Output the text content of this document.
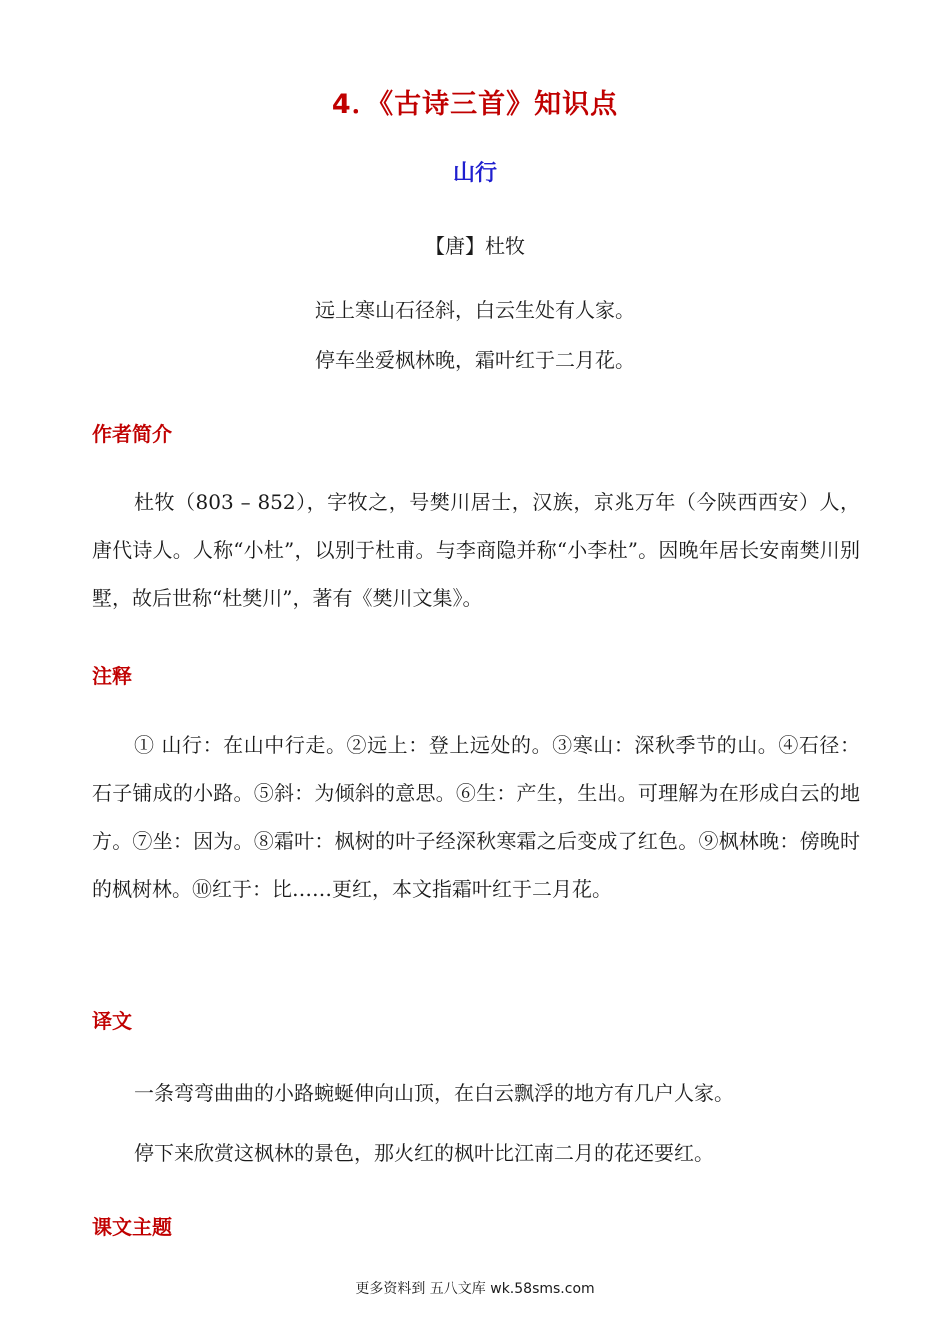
4．《古诗三首》知识点
山行
【唐】杜牧
远上寒山石径斜，白云生处有人家。
停车坐爱枫林晚，霜叶红于二月花。
作者简介
杜牧（803 – 852），字牧之，号樊川居士，汉族，京兆万年（今陕西西安）人，唐代诗人。人称“小杜”，以别于杜甫。与李商隐并称“小李杜”。因晚年居长安南樊川别墅，故后世称“杜樊川”，著有《樊川文集》。
注释
① 山行：在山中行走。②远上：登上远处的。③寒山：深秋季节的山。④石径：石子铺成的小路。⑤斜：为倾斜的意思。⑥生：产生，生出。可理解为在形成白云的地方。⑦坐：因为。⑧霜叶：枫树的叶子经深秋寒霜之后变成了红色。⑨枫林晚：傍晚时的枫树林。⑩红于：比……更红，本文指霜叶红于二月花。
译文
一条弯弯曲曲的小路蜿蜒伸向山顶，在白云飘浮的地方有几户人家。
停下来欣赏这枫林的景色，那火红的枫叶比江南二月的花还要红。
课文主题
更多资料到 五八文库 wk.58sms.com
